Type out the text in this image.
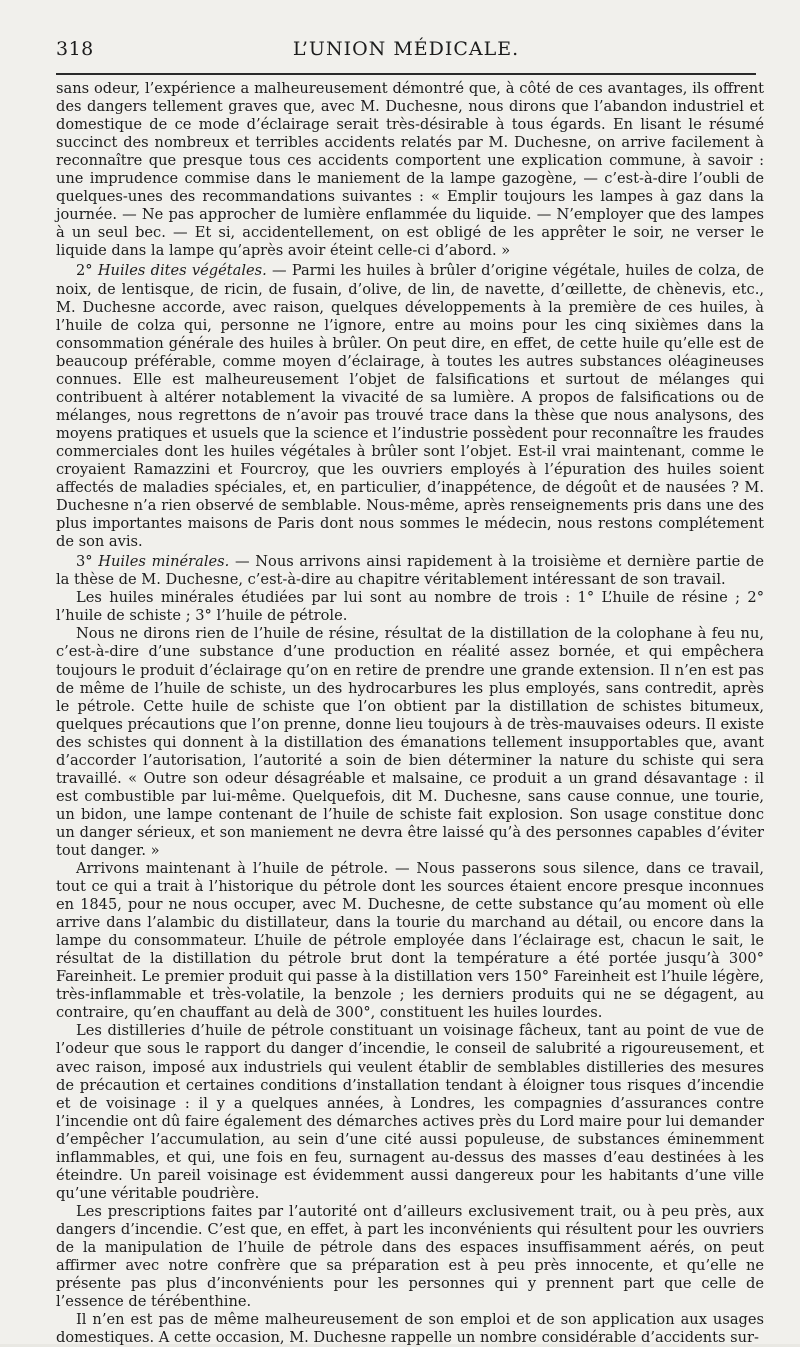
318	L’UNION MÉDICALE.

sans odeur, l’expérience a malheureusement démontré que, à côté de ces avantages, ils offrent des dangers tellement graves que, avec M. Duchesne, nous dirons que l’abandon industriel et domestique de ce mode d’éclairage serait très-désirable à tous égards. En lisant le résumé succinct des nombreux et terribles accidents relatés par M. Duchesne, on arrive facilement à reconnaître que presque tous ces accidents comportent une explication commune, à savoir : une imprudence commise dans le maniement de la lampe gazogène, — c’est-à-dire l’oubli de quelques-unes des recommandations suivantes : « Emplir toujours les lampes à gaz dans la journée. — Ne pas approcher de lumière enflammée du liquide. — N’employer que des lampes à un seul bec. — Et si, accidentellement, on est obligé de les apprêter le soir, ne verser le liquide dans la lampe qu’après avoir éteint celle-ci d’abord. »

2° Huiles dites végétales. — Parmi les huiles à brûler d’origine végétale, huiles de colza, de noix, de lentisque, de ricin, de fusain, d’olive, de lin, de navette, d’œillette, de chènevis, etc., M. Duchesne accorde, avec raison, quelques développements à la première de ces huiles, à l’huile de colza qui, personne ne l’ignore, entre au moins pour les cinq sixièmes dans la consommation générale des huiles à brûler. On peut dire, en effet, de cette huile qu’elle est de beaucoup préférable, comme moyen d’éclairage, à toutes les autres substances oléagineuses connues. Elle est malheureusement l’objet de falsifications et surtout de mélanges qui contribuent à altérer notablement la vivacité de sa lumière. A propos de falsifications ou de mélanges, nous regrettons de n’avoir pas trouvé trace dans la thèse que nous analysons, des moyens pratiques et usuels que la science et l’industrie possèdent pour reconnaître les fraudes commerciales dont les huiles végétales à brûler sont l’objet. Est-il vrai maintenant, comme le croyaient Ramazzini et Fourcroy, que les ouvriers employés à l’épuration des huiles soient affectés de maladies spéciales, et, en particulier, d’inappétence, de dégoût et de nausées ? M. Duchesne n’a rien observé de semblable. Nous-même, après renseignements pris dans une des plus importantes maisons de Paris dont nous sommes le médecin, nous restons complétement de son avis.

3° Huiles minérales. — Nous arrivons ainsi rapidement à la troisième et dernière partie de la thèse de M. Duchesne, c’est-à-dire au chapitre véritablement intéressant de son travail.

Les huiles minérales étudiées par lui sont au nombre de trois : 1° L’huile de résine ; 2° l’huile de schiste ; 3° l’huile de pétrole.

Nous ne dirons rien de l’huile de résine, résultat de la distillation de la colophane à feu nu, c’est-à-dire d’une substance d’une production en réalité assez bornée, et qui empêchera toujours le produit d’éclairage qu’on en retire de prendre une grande extension. Il n’en est pas de même de l’huile de schiste, un des hydrocarbures les plus employés, sans contredit, après le pétrole. Cette huile de schiste que l’on obtient par la distillation de schistes bitumeux, quelques précautions que l’on prenne, donne lieu toujours à de très-mauvaises odeurs. Il existe des schistes qui donnent à la distillation des émanations tellement insupportables que, avant d’accorder l’autorisation, l’autorité a soin de bien déterminer la nature du schiste qui sera travaillé. « Outre son odeur désagréable et malsaine, ce produit a un grand désavantage : il est combustible par lui-même. Quelquefois, dit M. Duchesne, sans cause connue, une tourie, un bidon, une lampe contenant de l’huile de schiste fait explosion. Son usage constitue donc un danger sérieux, et son maniement ne devra être laissé qu’à des personnes capables d’éviter tout danger. »

Arrivons maintenant à l’huile de pétrole. — Nous passerons sous silence, dans ce travail, tout ce qui a trait à l’historique du pétrole dont les sources étaient encore presque inconnues en 1845, pour ne nous occuper, avec M. Duchesne, de cette substance qu’au moment où elle arrive dans l’alambic du distillateur, dans la tourie du marchand au détail, ou encore dans la lampe du consommateur. L’huile de pétrole employée dans l’éclairage est, chacun le sait, le résultat de la distillation du pétrole brut dont la température a été portée jusqu’à 300° Fareinheit. Le premier produit qui passe à la distillation vers 150° Fareinheit est l’huile légère, très-inflammable et très-volatile, la benzole ; les derniers produits qui ne se dégagent, au contraire, qu’en chauffant au delà de 300°, constituent les huiles lourdes.

Les distilleries d’huile de pétrole constituant un voisinage fâcheux, tant au point de vue de l’odeur que sous le rapport du danger d’incendie, le conseil de salubrité a rigoureusement, et avec raison, imposé aux industriels qui veulent établir de semblables distilleries des mesures de précaution et certaines conditions d’installation tendant à éloigner tous risques d’incendie et de voisinage : il y a quelques années, à Londres, les compagnies d’assurances contre l’incendie ont dû faire également des démarches actives près du Lord maire pour lui demander d’empêcher l’accumulation, au sein d’une cité aussi populeuse, de substances éminemment inflammables, et qui, une fois en feu, surnagent au-dessus des masses d’eau destinées à les éteindre. Un pareil voisinage est évidemment aussi dangereux pour les habitants d’une ville qu’une véritable poudrière.

Les prescriptions faites par l’autorité ont d’ailleurs exclusivement trait, ou à peu près, aux dangers d’incendie. C’est que, en effet, à part les inconvénients qui résultent pour les ouvriers de la manipulation de l’huile de pétrole dans des espaces insuffisamment aérés, on peut affirmer avec notre confrère que sa préparation est à peu près innocente, et qu’elle ne présente pas plus d’inconvénients pour les personnes qui y prennent part que celle de l’essence de térébenthine.

Il n’en est pas de même malheureusement de son emploi et de son application aux usages domestiques. A cette occasion, M. Duchesne rappelle un nombre considérable d’accidents sur-
